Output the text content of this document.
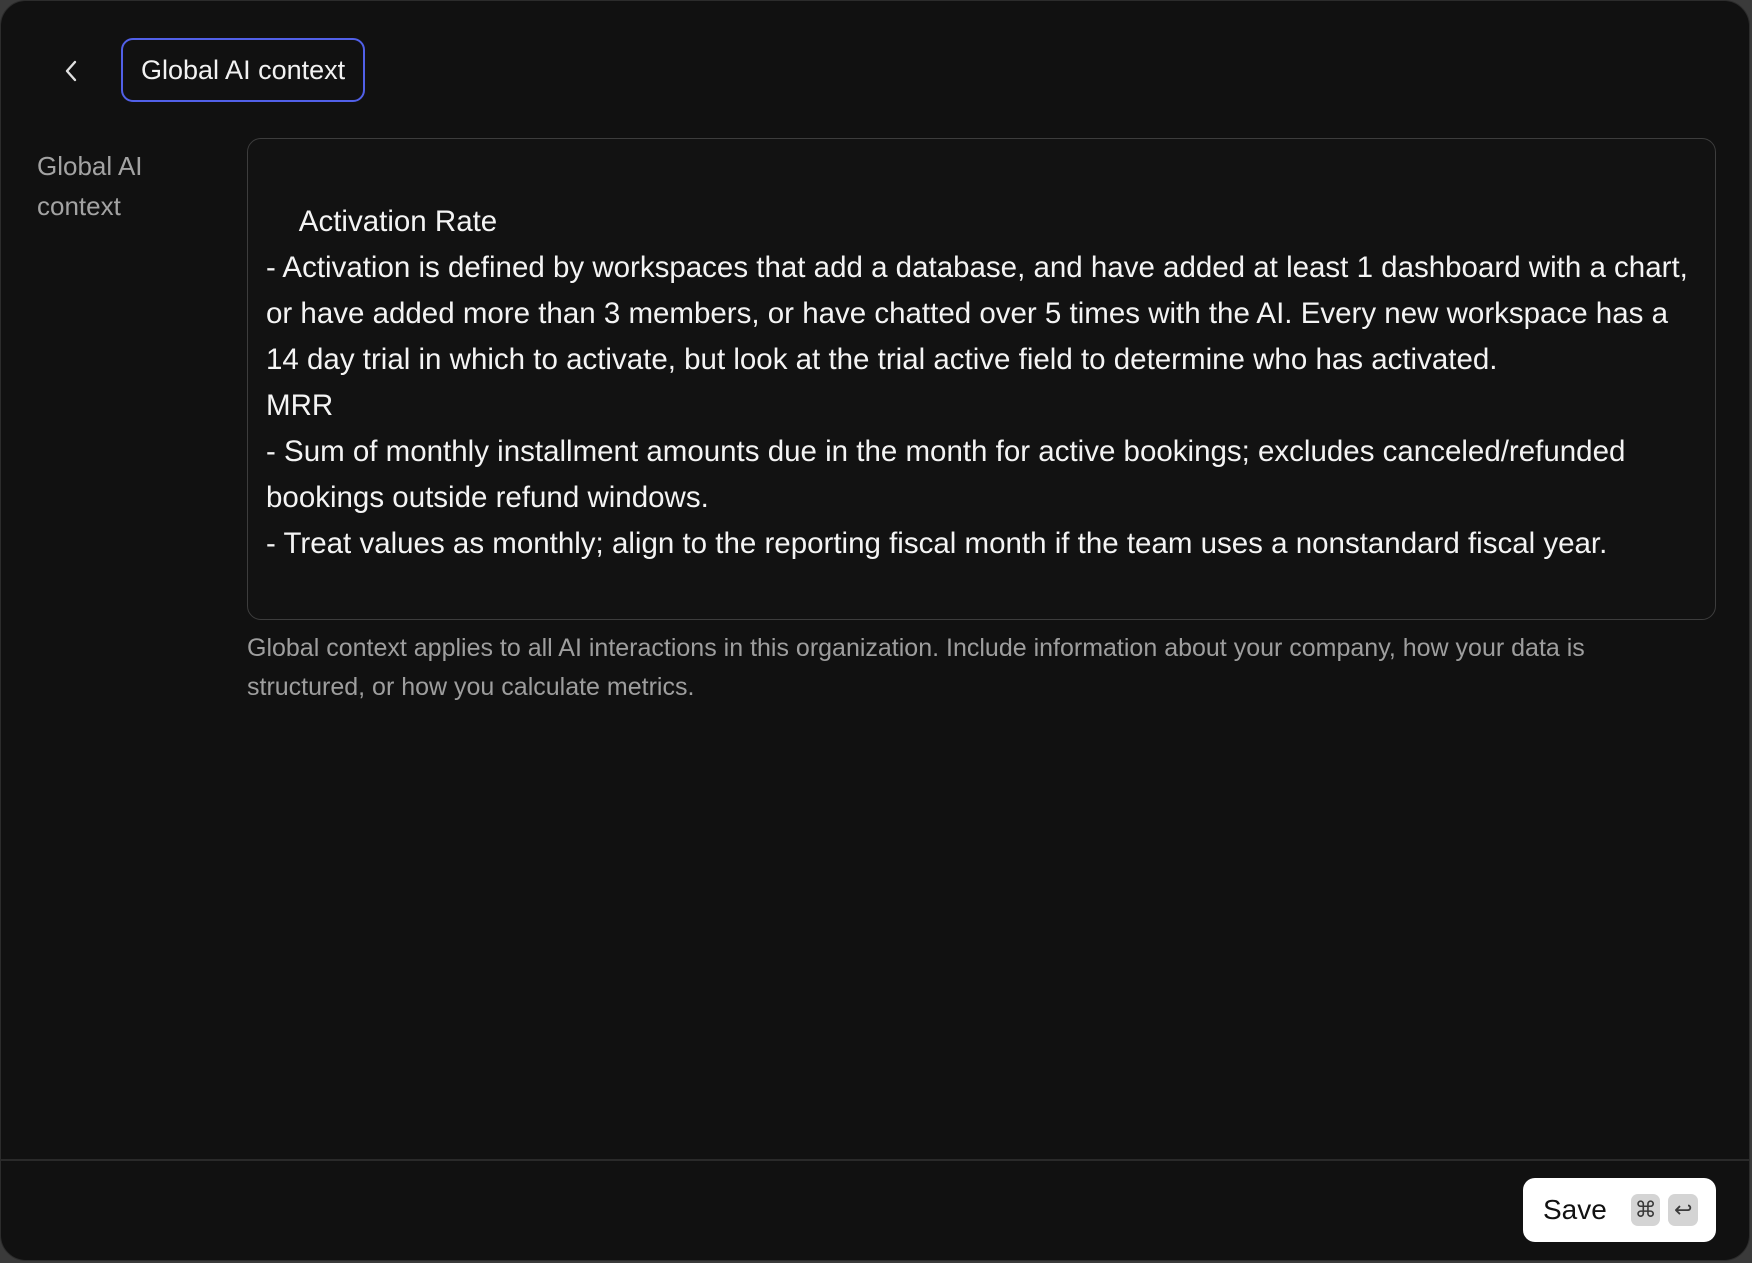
Global AI context
Global AI context	Activation Rate
- Activation is defined by workspaces that add a database, and have added at least 1 dashboard with a chart, or have added more than 3 members, or have chatted over 5 times with the AI. Every new workspace has a 14 day trial in which to activate, but look at the trial active field to determine who has activated.
MRR
- Sum of monthly installment amounts due in the month for active bookings; excludes canceled/refunded bookings outside refund windows.
- Treat values as monthly; align to the reporting fiscal month if the team uses a nonstandard fiscal year.

Global context applies to all AI interactions in this organization. Include information about your company, how your data is structured, or how you calculate metrics.
Save ⌘ ↩
